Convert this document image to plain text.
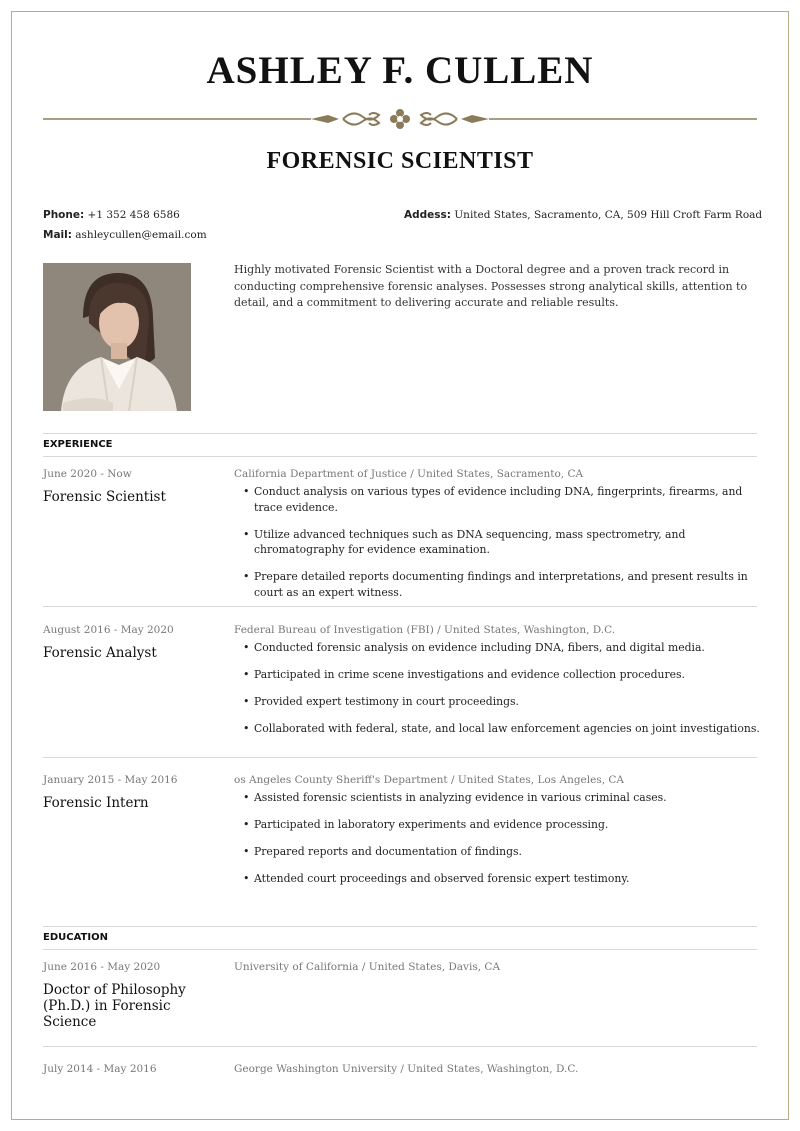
ASHLEY F. CULLEN
FORENSIC SCIENTIST
Phone: +1 352 458 6586
Mail: ashleycullen@email.com
Addess: United States, Sacramento, CA, 509 Hill Croft Farm Road

Highly motivated Forensic Scientist with a Doctoral degree and a proven track record in conducting comprehensive forensic analyses. Possesses strong analytical skills, attention to detail, and a commitment to delivering accurate and reliable results.

EXPERIENCE
June 2020 - Now
Forensic Scientist
California Department of Justice / United States, Sacramento, CA
• Conduct analysis on various types of evidence including DNA, fingerprints, firearms, and trace evidence.
• Utilize advanced techniques such as DNA sequencing, mass spectrometry, and chromatography for evidence examination.
• Prepare detailed reports documenting findings and interpretations, and present results in court as an expert witness.
August 2016 - May 2020
Forensic Analyst
Federal Bureau of Investigation (FBI) / United States, Washington, D.C.
• Conducted forensic analysis on evidence including DNA, fibers, and digital media.
• Participated in crime scene investigations and evidence collection procedures.
• Provided expert testimony in court proceedings.
• Collaborated with federal, state, and local law enforcement agencies on joint investigations.
January 2015 - May 2016
Forensic Intern
os Angeles County Sheriff's Department / United States, Los Angeles, CA
• Assisted forensic scientists in analyzing evidence in various criminal cases.
• Participated in laboratory experiments and evidence processing.
• Prepared reports and documentation of findings.
• Attended court proceedings and observed forensic expert testimony.
EDUCATION
June 2016 - May 2020
Doctor of Philosophy (Ph.D.) in Forensic Science
University of California / United States, Davis, CA
July 2014 - May 2016	George Washington University / United States, Washington, D.C.
